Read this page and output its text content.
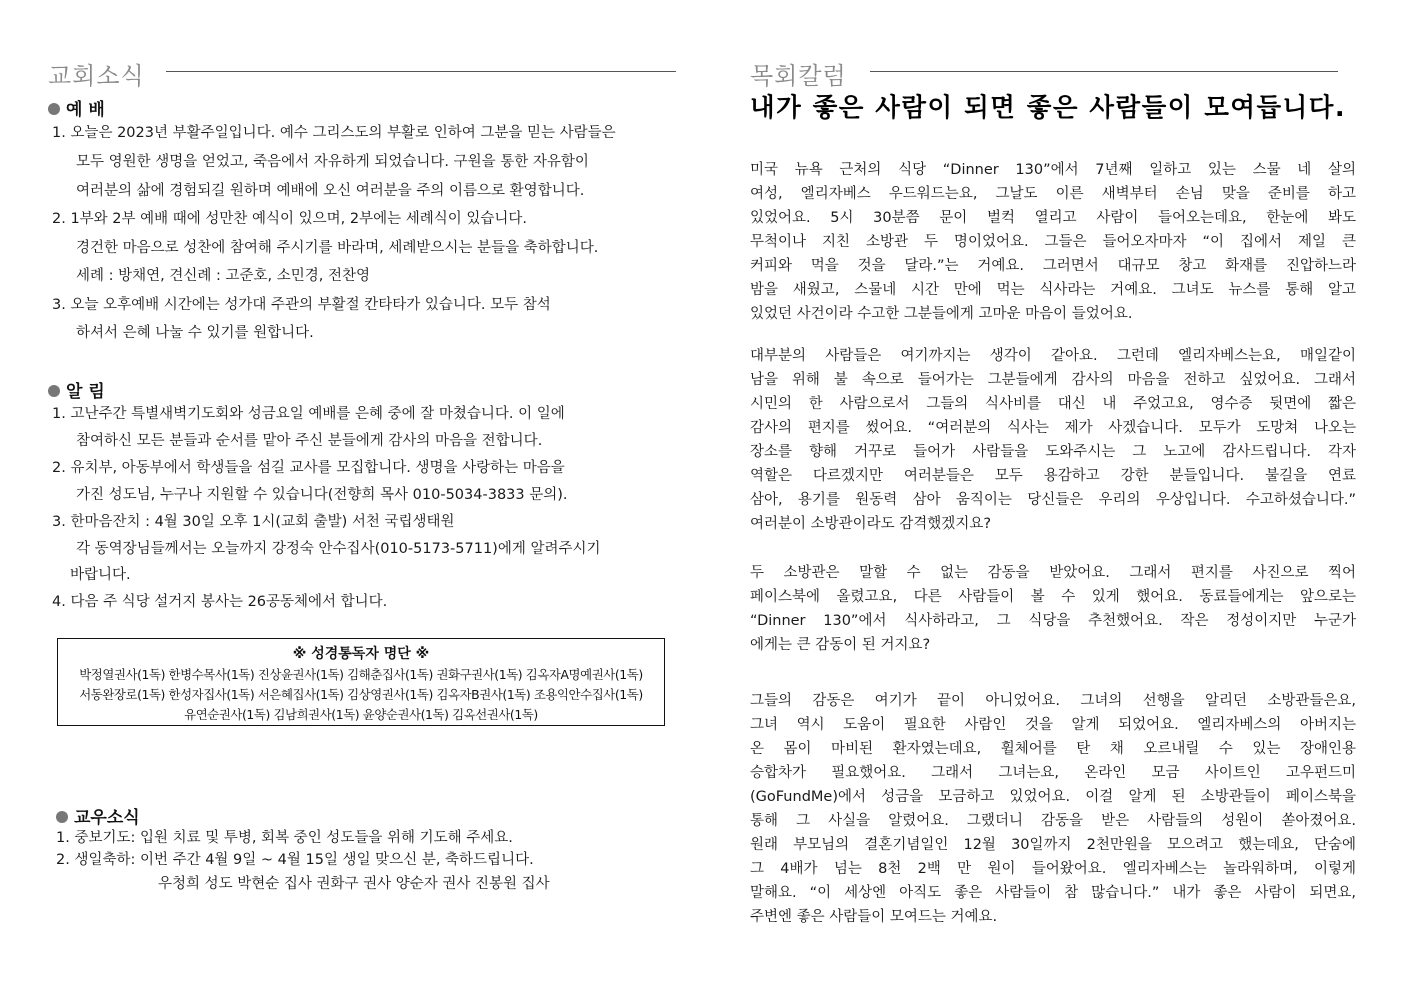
교회소식
예 배
1. 오늘은 2023년 부활주일입니다. 예수 그리스도의 부활로 인하여 그분을 믿는 사람들은
모두 영원한 생명을 얻었고, 죽음에서 자유하게 되었습니다. 구원을 통한 자유함이
여러분의 삶에 경험되길 원하며 예배에 오신 여러분을 주의 이름으로 환영합니다.
2. 1부와 2부 예배 때에 성만찬 예식이 있으며, 2부에는 세례식이 있습니다.
경건한 마음으로 성찬에 참여해 주시기를 바라며, 세례받으시는 분들을 축하합니다.
세례 : 방채연, 견신례 : 고준호, 소민경, 전찬영
3. 오늘 오후예배 시간에는 성가대 주관의 부활절 칸타타가 있습니다. 모두 참석
하셔서 은혜 나눌 수 있기를 원합니다.
알 림
1. 고난주간 특별새벽기도회와 성금요일 예배를 은혜 중에 잘 마쳤습니다. 이 일에
참여하신 모든 분들과 순서를 맡아 주신 분들에게 감사의 마음을 전합니다.
2. 유치부, 아동부에서 학생들을 섬길 교사를 모집합니다. 생명을 사랑하는 마음을
가진 성도님, 누구나 지원할 수 있습니다(전향희 목사 010-5034-3833 문의).
3. 한마음잔치 : 4월 30일 오후 1시(교회 출발) 서천 국립생태원
각 동역장님들께서는 오늘까지 강정숙 안수집사(010-5173-5711)에게 알려주시기
바랍니다.
4. 다음 주 식당 설거지 봉사는 26공동체에서 합니다.
※ 성경통독자 명단 ※
박정열권사(1독) 한병수목사(1독) 진상윤권사(1독) 김해춘집사(1독) 권화구권사(1독) 김옥자A명예권사(1독)
서동완장로(1독) 한성자집사(1독) 서은혜집사(1독) 김상영권사(1독) 김옥자B권사(1독) 조용익안수집사(1독)
유연순권사(1독) 김남희권사(1독) 윤양순권사(1독) 김옥선권사(1독)
교우소식
1. 중보기도: 입원 치료 및 투병, 회복 중인 성도들을 위해 기도해 주세요.
2. 생일축하: 이번 주간 4월 9일 ~ 4월 15일 생일 맞으신 분, 축하드립니다.
우청희 성도 박현순 집사 권화구 권사 양순자 권사 진봉원 집사
목회칼럼
내가 좋은 사람이 되면 좋은 사람들이 모여듭니다.
미국 뉴욕 근처의 식당 “Dinner 130”에서 7년째 일하고 있는 스물 네 살의
여성, 엘리자베스 우드워드는요, 그날도 이른 새벽부터 손님 맞을 준비를 하고
있었어요. 5시 30분쯤 문이 벌컥 열리고 사람이 들어오는데요, 한눈에 봐도
무척이나 지친 소방관 두 명이었어요. 그들은 들어오자마자 “이 집에서 제일 큰
커피와 먹을 것을 달라.”는 거예요. 그러면서 대규모 창고 화재를 진압하느라
밤을 새웠고, 스물네 시간 만에 먹는 식사라는 거예요. 그녀도 뉴스를 통해 알고
있었던 사건이라 수고한 그분들에게 고마운 마음이 들었어요.
대부분의 사람들은 여기까지는 생각이 같아요. 그런데 엘리자베스는요, 매일같이
남을 위해 불 속으로 들어가는 그분들에게 감사의 마음을 전하고 싶었어요. 그래서
시민의 한 사람으로서 그들의 식사비를 대신 내 주었고요, 영수증 뒷면에 짧은
감사의 편지를 썼어요. “여러분의 식사는 제가 사겠습니다. 모두가 도망쳐 나오는
장소를 향해 거꾸로 들어가 사람들을 도와주시는 그 노고에 감사드립니다. 각자
역할은 다르겠지만 여러분들은 모두 용감하고 강한 분들입니다. 불길을 연료
삼아, 용기를 원동력 삼아 움직이는 당신들은 우리의 우상입니다. 수고하셨습니다.”
여러분이 소방관이라도 감격했겠지요?
두 소방관은 말할 수 없는 감동을 받았어요. 그래서 편지를 사진으로 찍어
페이스북에 올렸고요, 다른 사람들이 볼 수 있게 했어요. 동료들에게는 앞으로는
“Dinner 130”에서 식사하라고, 그 식당을 추천했어요. 작은 정성이지만 누군가
에게는 큰 감동이 된 거지요?
그들의 감동은 여기가 끝이 아니었어요. 그녀의 선행을 알리던 소방관들은요,
그녀 역시 도움이 필요한 사람인 것을 알게 되었어요. 엘리자베스의 아버지는
온 몸이 마비된 환자였는데요, 휠체어를 탄 채 오르내릴 수 있는 장애인용
승합차가 필요했어요. 그래서 그녀는요, 온라인 모금 사이트인 고우펀드미
(GoFundMe)에서 성금을 모금하고 있었어요. 이걸 알게 된 소방관들이 페이스북을
통해 그 사실을 알렸어요. 그랬더니 감동을 받은 사람들의 성원이 쏟아졌어요.
원래 부모님의 결혼기념일인 12월 30일까지 2천만원을 모으려고 했는데요, 단숨에
그 4배가 넘는 8천 2백 만 원이 들어왔어요. 엘리자베스는 놀라워하며, 이렇게
말해요. “이 세상엔 아직도 좋은 사람들이 참 많습니다.” 내가 좋은 사람이 되면요,
주변엔 좋은 사람들이 모여드는 거예요.
